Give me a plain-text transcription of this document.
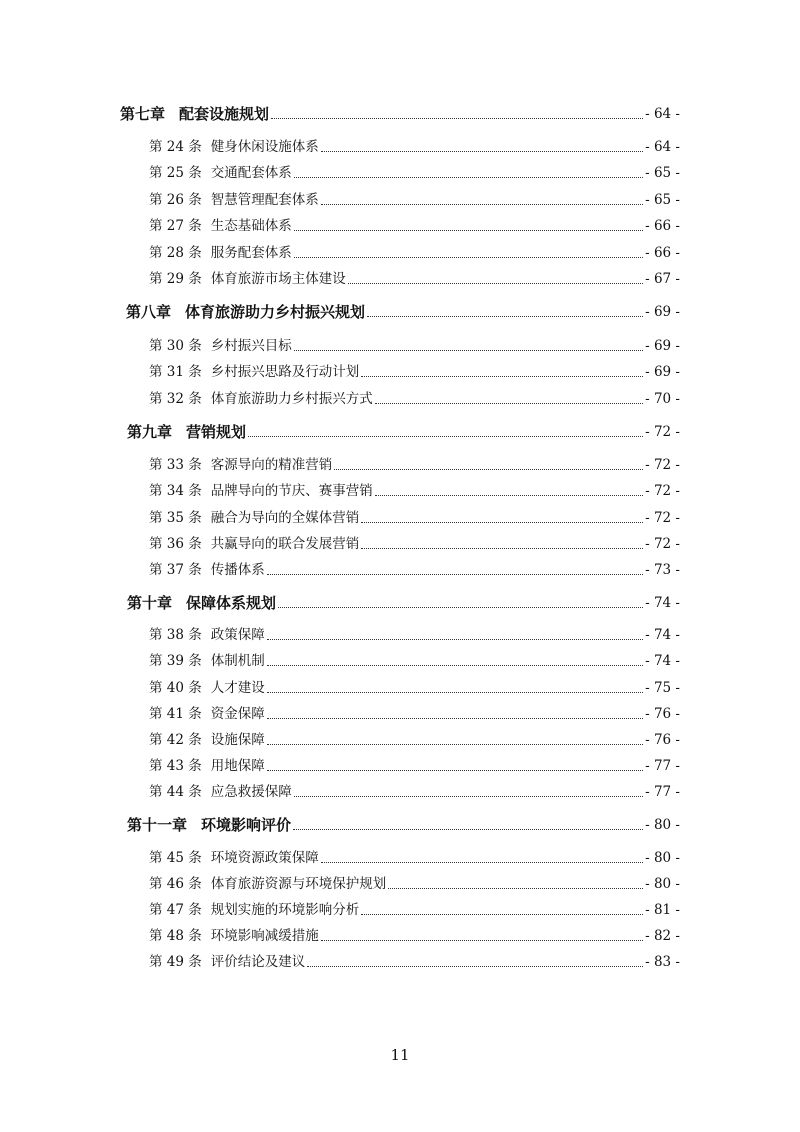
第七章 配套设施规划	- 64 -
第 24 条 健身休闲设施体系	- 64 -
第 25 条 交通配套体系	- 65 -
第 26 条 智慧管理配套体系	- 65 -
第 27 条 生态基础体系	- 66 -
第 28 条 服务配套体系	- 66 -
第 29 条 体育旅游市场主体建设	- 67 -
第八章 体育旅游助力乡村振兴规划	- 69 -
第 30 条 乡村振兴目标	- 69 -
第 31 条 乡村振兴思路及行动计划	- 69 -
第 32 条 体育旅游助力乡村振兴方式	- 70 -
第九章 营销规划	- 72 -
第 33 条 客源导向的精准营销	- 72 -
第 34 条 品牌导向的节庆、赛事营销	- 72 -
第 35 条 融合为导向的全媒体营销	- 72 -
第 36 条 共赢导向的联合发展营销	- 72 -
第 37 条 传播体系	- 73 -
第十章 保障体系规划	- 74 -
第 38 条 政策保障	- 74 -
第 39 条 体制机制	- 74 -
第 40 条 人才建设	- 75 -
第 41 条 资金保障	- 76 -
第 42 条 设施保障	- 76 -
第 43 条 用地保障	- 77 -
第 44 条 应急救援保障	- 77 -
第十一章 环境影响评价	- 80 -
第 45 条 环境资源政策保障	- 80 -
第 46 条 体育旅游资源与环境保护规划	- 80 -
第 47 条 规划实施的环境影响分析	- 81 -
第 48 条 环境影响减缓措施	- 82 -
第 49 条 评价结论及建议	- 83 -
11
